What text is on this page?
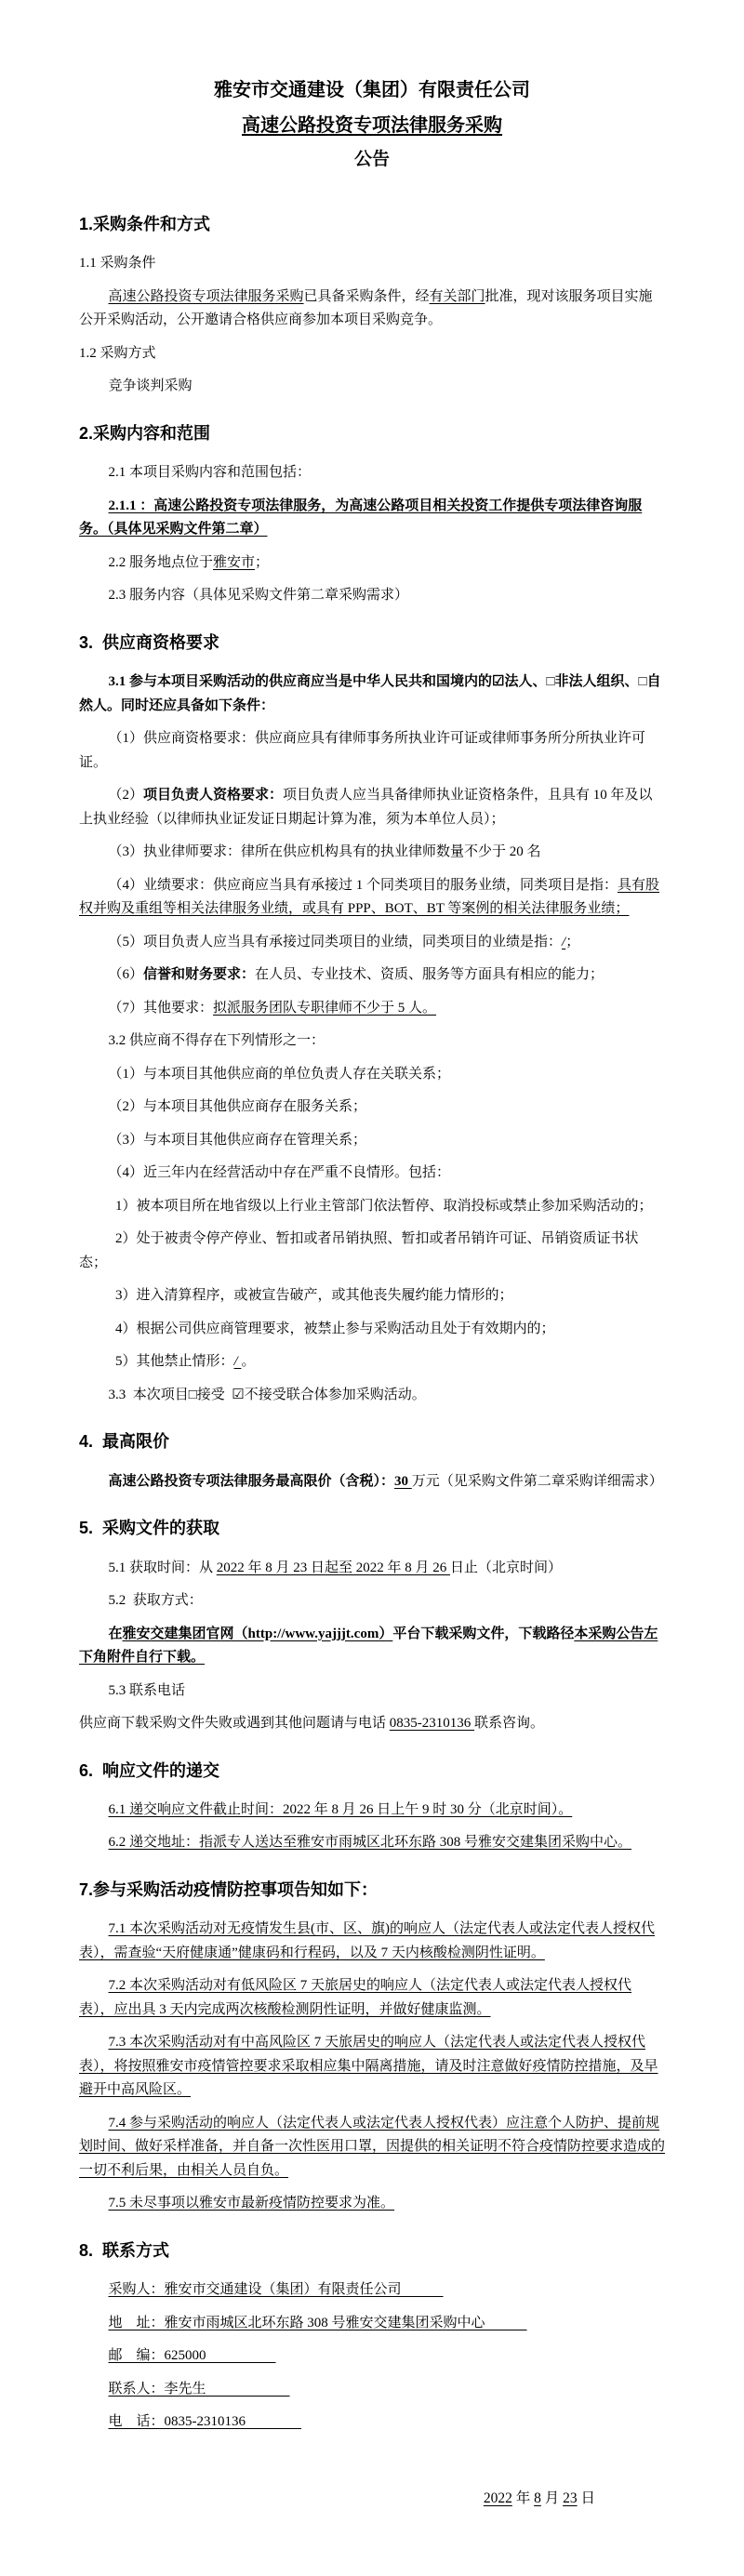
雅安市交通建设（集团）有限责任公司
高速公路投资专项法律服务采购
公告
1.采购条件和方式
1.1 采购条件
高速公路投资专项法律服务采购已具备采购条件，经有关部门批准，现对该服务项目实施公开采购活动，公开邀请合格供应商参加本项目采购竞争。
1.2 采购方式
竞争谈判采购
2.采购内容和范围
2.1 本项目采购内容和范围包括：
2.1.1 ：高速公路投资专项法律服务，为高速公路项目相关投资工作提供专项法律咨询服务。（具体见采购文件第二章）
2.2 服务地点位于雅安市；
2.3 服务内容（具体见采购文件第二章采购需求）
3.  供应商资格要求
3.1 参与本项目采购活动的供应商应当是中华人民共和国境内的☑法人、□非法人组织、□自然人。同时还应具备如下条件：
（1）供应商资格要求：供应商应具有律师事务所执业许可证或律师事务所分所执业许可证。
（2）项目负责人资格要求：项目负责人应当具备律师执业证资格条件，且具有 10 年及以上执业经验（以律师执业证发证日期起计算为准，须为本单位人员）；
（3）执业律师要求：律所在供应机构具有的执业律师数量不少于 20 名
（4）业绩要求：供应商应当具有承接过 1 个同类项目的服务业绩，同类项目是指：具有股权并购及重组等相关法律服务业绩，或具有 PPP、BOT、BT 等案例的相关法律服务业绩；
（5）项目负责人应当具有承接过同类项目的业绩，同类项目的业绩是指：/；
（6）信誉和财务要求：在人员、专业技术、资质、服务等方面具有相应的能力；
（7）其他要求：拟派服务团队专职律师不少于 5 人。
3.2 供应商不得存在下列情形之一：
（1）与本项目其他供应商的单位负责人存在关联关系；
（2）与本项目其他供应商存在服务关系；
（3）与本项目其他供应商存在管理关系；
（4）近三年内在经营活动中存在严重不良情形。包括：
1）被本项目所在地省级以上行业主管部门依法暂停、取消投标或禁止参加采购活动的；
2）处于被责令停产停业、暂扣或者吊销执照、暂扣或者吊销许可证、吊销资质证书状态；
3）进入清算程序，或被宣告破产，或其他丧失履约能力情形的；
4）根据公司供应商管理要求，被禁止参与采购活动且处于有效期内的；
5）其他禁止情形：/ 。
3.3  本次项目□接受  ☑不接受联合体参加采购活动。
4.  最高限价
高速公路投资专项法律服务最高限价（含税）：30 万元（见采购文件第二章采购详细需求）
5.  采购文件的获取
5.1 获取时间：从 2022 年 8 月 23 日起至 2022 年 8 月 26 日止（北京时间）
5.2  获取方式：
在雅安交建集团官网（http://www.yajjjt.com）平台下载采购文件，下载路径本采购公告左下角附件自行下载。
5.3 联系电话
供应商下载采购文件失败或遇到其他问题请与电话 0835-2310136 联系咨询。
6.  响应文件的递交
6.1 递交响应文件截止时间：2022 年 8 月 26 日上午 9 时 30 分（北京时间）。
6.2 递交地址：指派专人送达至雅安市雨城区北环东路 308 号雅安交建集团采购中心。
7.参与采购活动疫情防控事项告知如下：
7.1 本次采购活动对无疫情发生县(市、区、旗)的响应人（法定代表人或法定代表人授权代表），需查验“天府健康通”健康码和行程码，以及 7 天内核酸检测阴性证明。
7.2 本次采购活动对有低风险区 7 天旅居史的响应人（法定代表人或法定代表人授权代表），应出具 3 天内完成两次核酸检测阴性证明，并做好健康监测。
7.3 本次采购活动对有中高风险区 7 天旅居史的响应人（法定代表人或法定代表人授权代表），将按照雅安市疫情管控要求采取相应集中隔离措施，请及时注意做好疫情防控措施，及早避开中高风险区。
7.4 参与采购活动的响应人（法定代表人或法定代表人授权代表）应注意个人防护、提前规划时间、做好采样准备，并自备一次性医用口罩，因提供的相关证明不符合疫情防控要求造成的一切不利后果，由相关人员自负。
7.5 未尽事项以雅安市最新疫情防控要求为准。
8.  联系方式
采购人：雅安市交通建设（集团）有限责任公司　　　
地　址：雅安市雨城区北环东路 308 号雅安交建集团采购中心　　　
邮　编：625000　　　　　
联系人：李先生　　　　　　
电　话：0835-2310136　　　　
2022 年 8 月 23 日
